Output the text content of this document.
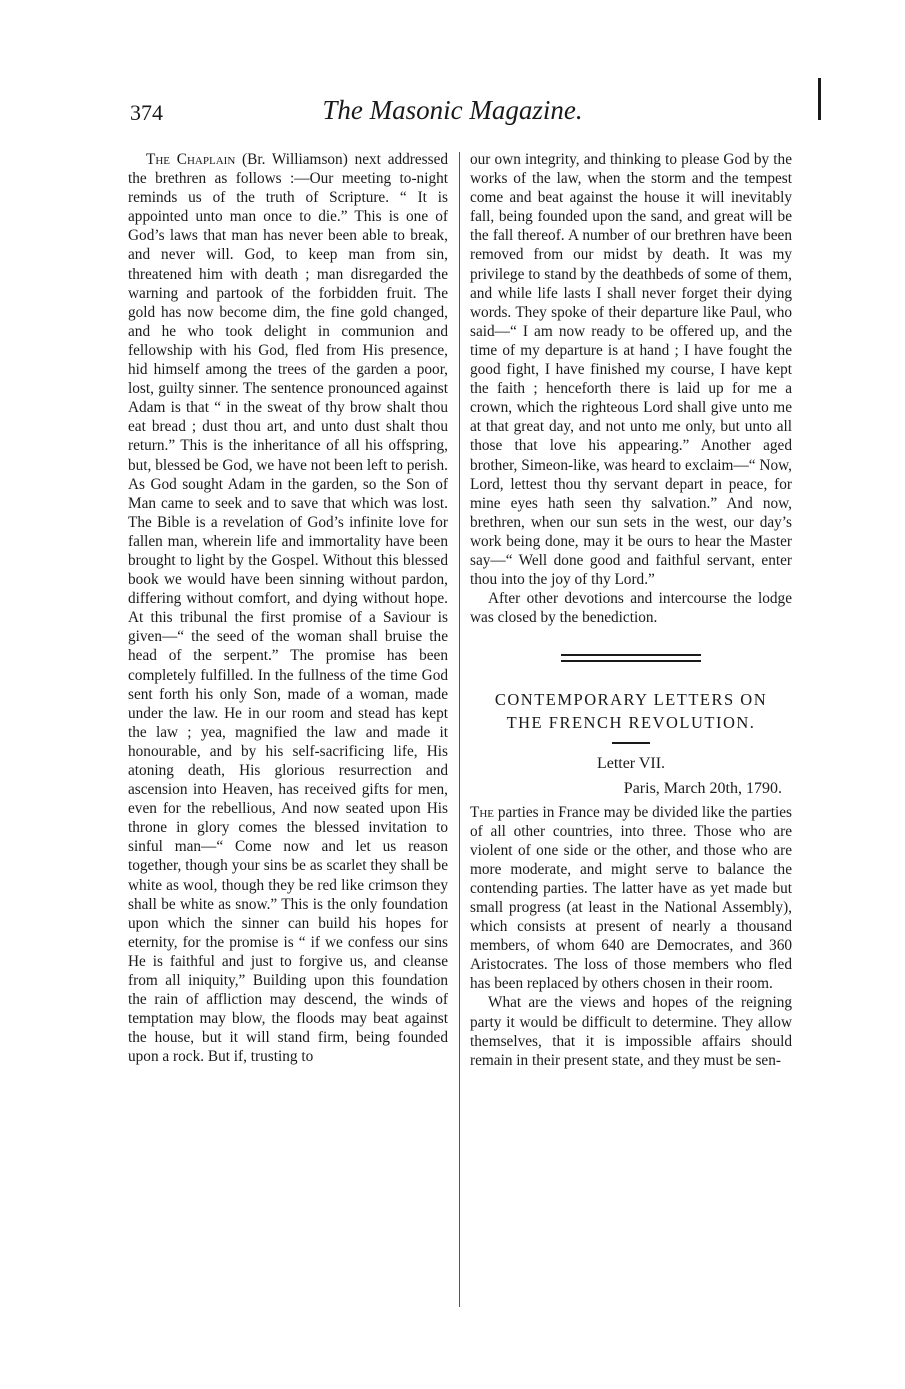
374	The Masonic Magazine.

The Chaplain (Br. Williamson) next addressed the brethren as follows :—Our meeting to-night reminds us of the truth of Scripture. “ It is appointed unto man once to die.” This is one of God’s laws that man has never been able to break, and never will. God, to keep man from sin, threatened him with death ; man disregarded the warning and partook of the forbidden fruit. The gold has now become dim, the fine gold changed, and he who took delight in communion and fellowship with his God, fled from His presence, hid himself among the trees of the garden a poor, lost, guilty sinner. The sentence pronounced against Adam is that “ in the sweat of thy brow shalt thou eat bread ; dust thou art, and unto dust shalt thou return.” This is the inheritance of all his offspring, but, blessed be God, we have not been left to perish. As God sought Adam in the garden, so the Son of Man came to seek and to save that which was lost. The Bible is a revelation of God’s infinite love for fallen man, wherein life and immortality have been brought to light by the Gospel. Without this blessed book we would have been sinning without pardon, differing without comfort, and dying without hope. At this tribunal the first promise of a Saviour is given—“ the seed of the woman shall bruise the head of the serpent.” The promise has been completely fulfilled. In the fullness of the time God sent forth his only Son, made of a woman, made under the law. He in our room and stead has kept the law ; yea, magnified the law and made it honourable, and by his self-sacrificing life, His atoning death, His glorious resurrection and ascension into Heaven, has received gifts for men, even for the rebellious, And now seated upon His throne in glory comes the blessed invitation to sinful man—“ Come now and let us reason together, though your sins be as scarlet they shall be white as wool, though they be red like crimson they shall be white as snow.” This is the only foundation upon which the sinner can build his hopes for eternity, for the promise is “ if we confess our sins He is faithful and just to forgive us, and cleanse from all iniquity,” Building upon this foundation the rain of affliction may descend, the winds of temptation may blow, the floods may beat against the house, but it will stand firm, being founded upon a rock. But if, trusting to

our own integrity, and thinking to please God by the works of the law, when the storm and the tempest come and beat against the house it will inevitably fall, being founded upon the sand, and great will be the fall thereof. A number of our brethren have been removed from our midst by death. It was my privilege to stand by the deathbeds of some of them, and while life lasts I shall never forget their dying words. They spoke of their departure like Paul, who said—“ I am now ready to be offered up, and the time of my departure is at hand ; I have fought the good fight, I have finished my course, I have kept the faith ; henceforth there is laid up for me a crown, which the righteous Lord shall give unto me at that great day, and not unto me only, but unto all those that love his appearing.” Another aged brother, Simeon-like, was heard to exclaim—“ Now, Lord, lettest thou thy servant depart in peace, for mine eyes hath seen thy salvation.” And now, brethren, when our sun sets in the west, our day’s work being done, may it be ours to hear the Master say—“ Well done good and faithful servant, enter thou into the joy of thy Lord.”

After other devotions and intercourse the lodge was closed by the benediction.

CONTEMPORARY LETTERS ON
THE FRENCH REVOLUTION.

Letter VII.

Paris, March 20th, 1790.

The parties in France may be divided like the parties of all other countries, into three. Those who are violent of one side or the other, and those who are more moderate, and might serve to balance the contending parties. The latter have as yet made but small progress (at least in the National Assembly), which consists at present of nearly a thousand members, of whom 640 are Democrates, and 360 Aristocrates. The loss of those members who fled has been replaced by others chosen in their room.

What are the views and hopes of the reigning party it would be difficult to determine. They allow themselves, that it is impossible affairs should remain in their present state, and they must be sen-
